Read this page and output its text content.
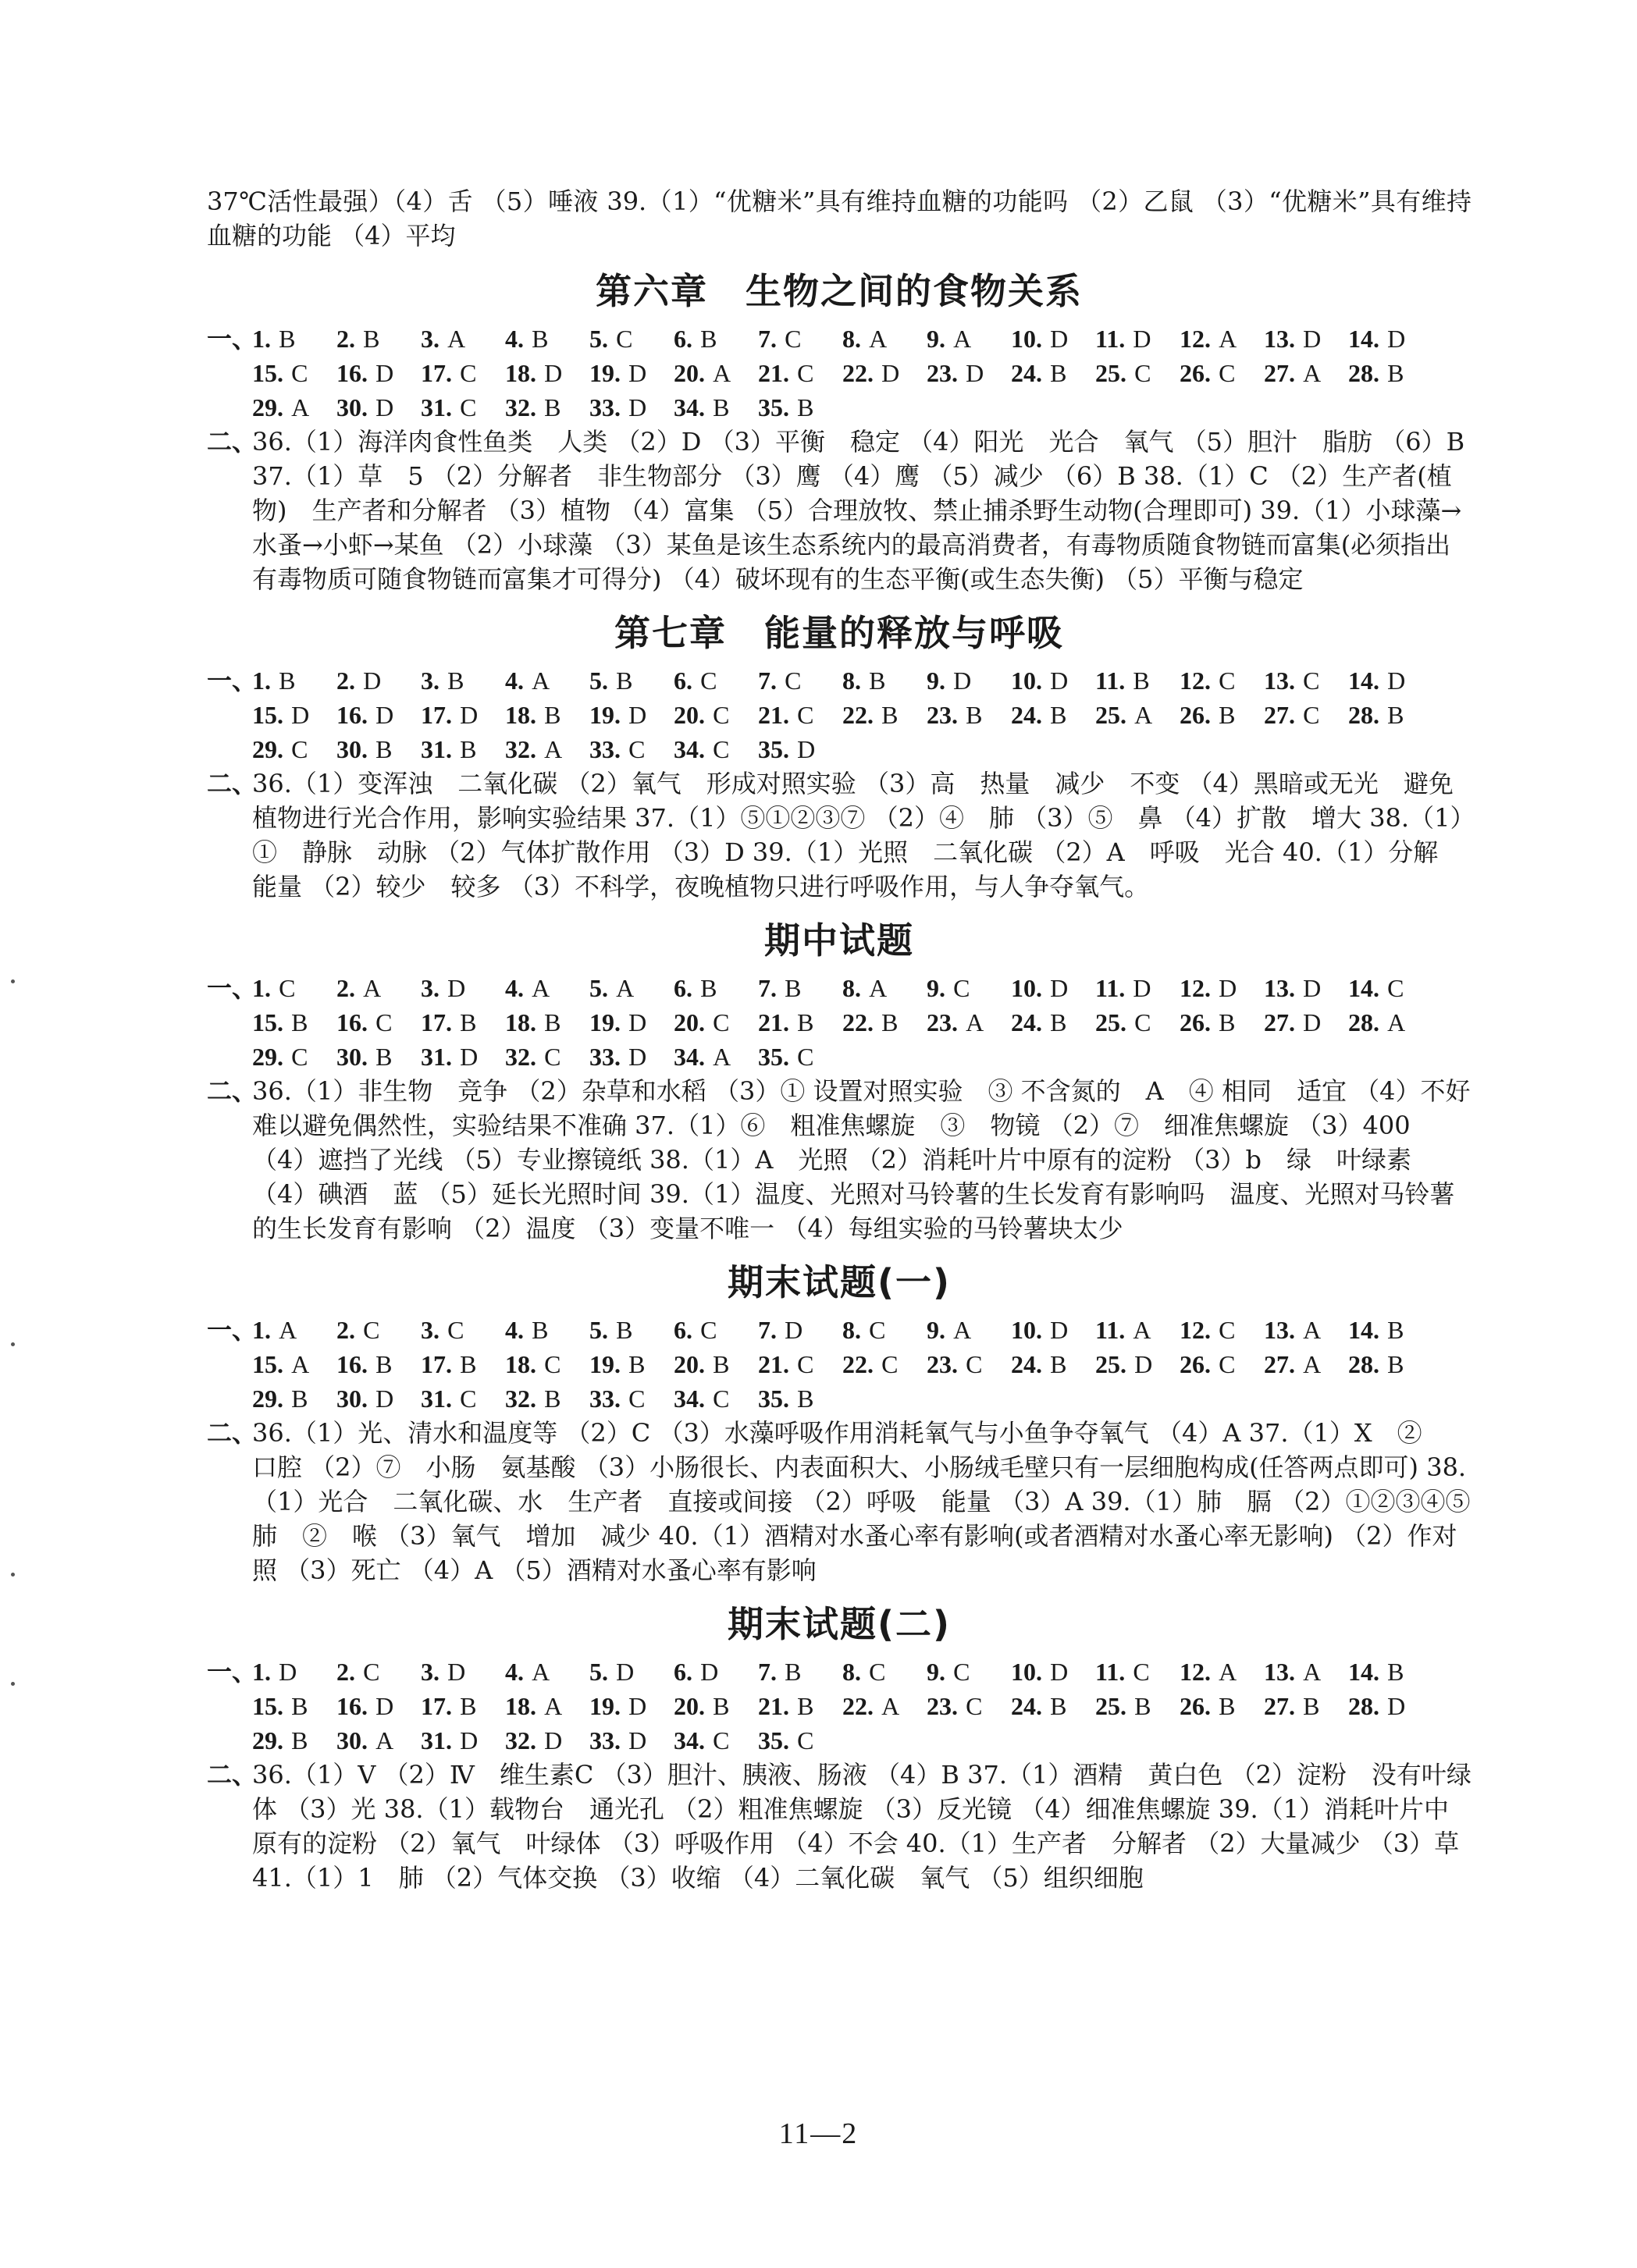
37℃活性最强）（4）舌 （5）唾液 39.（1）“优糖米”具有维持血糖的功能吗 （2）乙鼠 （3）“优糖米”具有维持血糖的功能 （4）平均

第六章　生物之间的食物关系
一、
1. B	2. B	3. A	4. B	5. C	6. B	7. C	8. A	9. A	10. D	11. D	12. A	13. D	14. D
15. C	16. D	17. C	18. D	19. D	20. A	21. C	22. D	23. D	24. B	25. C	26. C	27. A	28. B
29. A	30. D	31. C	32. B	33. D	34. B	35. B
二、
36.（1）海洋肉食性鱼类　人类 （2）D （3）平衡　稳定 （4）阳光　光合　氧气 （5）胆汁　脂肪 （6）B 37.（1）草　5 （2）分解者　非生物部分 （3）鹰 （4）鹰 （5）减少 （6）B 38.（1）C （2）生产者(植物)　生产者和分解者 （3）植物 （4）富集 （5）合理放牧、禁止捕杀野生动物(合理即可) 39.（1）小球藻→水蚤→小虾→某鱼 （2）小球藻 （3）某鱼是该生态系统内的最高消费者，有毒物质随食物链而富集(必须指出有毒物质可随食物链而富集才可得分) （4）破坏现有的生态平衡(或生态失衡) （5）平衡与稳定
第七章　能量的释放与呼吸
一、
1. B	2. D	3. B	4. A	5. B	6. C	7. C	8. B	9. D	10. D	11. B	12. C	13. C	14. D
15. D	16. D	17. D	18. B	19. D	20. C	21. C	22. B	23. B	24. B	25. A	26. B	27. C	28. B
29. C	30. B	31. B	32. A	33. C	34. C	35. D
二、
36.（1）变浑浊　二氧化碳 （2）氧气　形成对照实验 （3）高　热量　减少　不变 （4）黑暗或无光　避免植物进行光合作用，影响实验结果 37.（1）⑤①②③⑦ （2）④　肺 （3）⑤　鼻 （4）扩散　增大 38.（1）①　静脉　动脉 （2）气体扩散作用 （3）D 39.（1）光照　二氧化碳 （2）A　呼吸　光合 40.（1）分解　能量 （2）较少　较多 （3）不科学，夜晚植物只进行呼吸作用，与人争夺氧气。
期中试题
一、
1. C	2. A	3. D	4. A	5. A	6. B	7. B	8. A	9. C	10. D	11. D	12. D	13. D	14. C
15. B	16. C	17. B	18. B	19. D	20. C	21. B	22. B	23. A	24. B	25. C	26. B	27. D	28. A
29. C	30. B	31. D	32. C	33. D	34. A	35. C
二、
36.（1）非生物　竞争 （2）杂草和水稻 （3）① 设置对照实验　③ 不含氮的　A　④ 相同　适宜 （4）不好　难以避免偶然性，实验结果不准确 37.（1）⑥　粗准焦螺旋　③　物镜 （2）⑦　细准焦螺旋 （3）400 （4）遮挡了光线 （5）专业擦镜纸 38.（1）A　光照 （2）消耗叶片中原有的淀粉 （3）b　绿　叶绿素 （4）碘酒　蓝 （5）延长光照时间 39.（1）温度、光照对马铃薯的生长发育有影响吗　温度、光照对马铃薯的生长发育有影响 （2）温度 （3）变量不唯一 （4）每组实验的马铃薯块太少
期末试题(一)
一、
1. A	2. C	3. C	4. B	5. B	6. C	7. D	8. C	9. A	10. D	11. A	12. C	13. A	14. B
15. A	16. B	17. B	18. C	19. B	20. B	21. C	22. C	23. C	24. B	25. D	26. C	27. A	28. B
29. B	30. D	31. C	32. B	33. C	34. C	35. B
二、
36.（1）光、清水和温度等 （2）C （3）水藻呼吸作用消耗氧气与小鱼争夺氧气 （4）A 37.（1）X　②　口腔 （2）⑦　小肠　氨基酸 （3）小肠很长、内表面积大、小肠绒毛壁只有一层细胞构成(任答两点即可) 38.（1）光合　二氧化碳、水　生产者　直接或间接 （2）呼吸　能量 （3）A 39.（1）肺　膈 （2）①②③④⑤　肺　②　喉 （3）氧气　增加　减少 40.（1）酒精对水蚤心率有影响(或者酒精对水蚤心率无影响) （2）作对照 （3）死亡 （4）A （5）酒精对水蚤心率有影响
期末试题(二)
一、
1. D	2. C	3. D	4. A	5. D	6. D	7. B	8. C	9. C	10. D	11. C	12. A	13. A	14. B
15. B	16. D	17. B	18. A	19. D	20. B	21. B	22. A	23. C	24. B	25. B	26. B	27. B	28. D
29. B	30. A	31. D	32. D	33. D	34. C	35. C
二、
36.（1）Ⅴ （2）Ⅳ　维生素C （3）胆汁、胰液、肠液 （4）B 37.（1）酒精　黄白色 （2）淀粉　没有叶绿体 （3）光 38.（1）载物台　通光孔 （2）粗准焦螺旋 （3）反光镜 （4）细准焦螺旋 39.（1）消耗叶片中原有的淀粉 （2）氧气　叶绿体 （3）呼吸作用 （4）不会 40.（1）生产者　分解者 （2）大量减少 （3）草 41.（1）1　肺 （2）气体交换 （3）收缩 （4）二氧化碳　氧气 （5）组织细胞
11—2
